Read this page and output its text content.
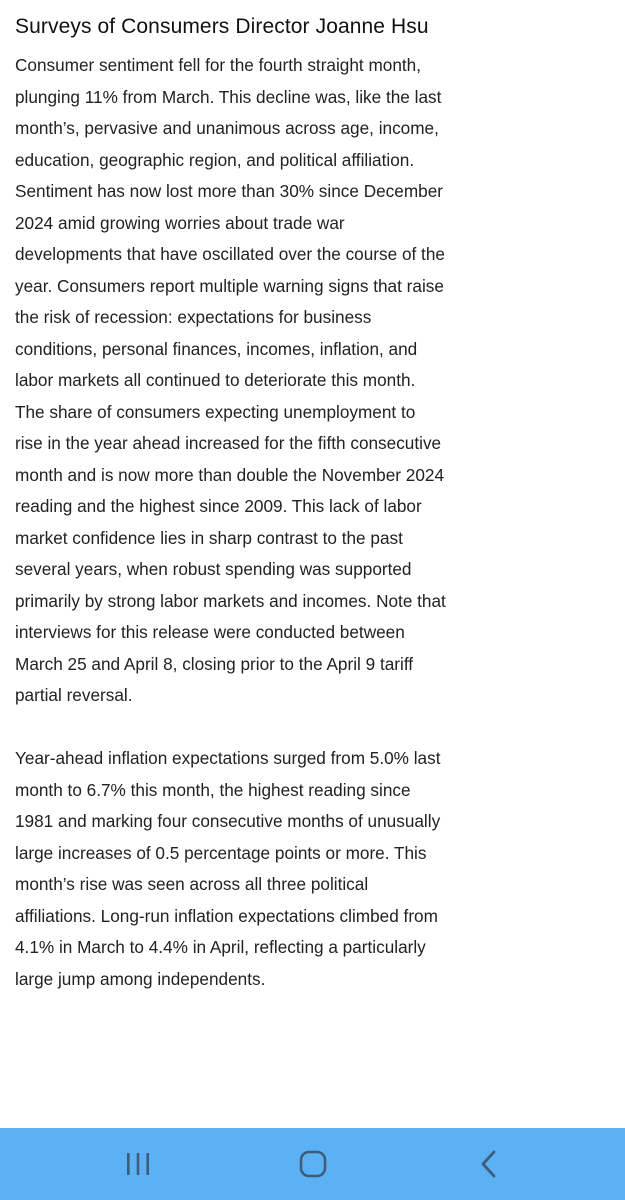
Surveys of Consumers Director Joanne Hsu

Consumer sentiment fell for the fourth straight month, plunging 11% from March. This decline was, like the last month’s, pervasive and unanimous across age, income, education, geographic region, and political affiliation. Sentiment has now lost more than 30% since December 2024 amid growing worries about trade war developments that have oscillated over the course of the year. Consumers report multiple warning signs that raise the risk of recession: expectations for business conditions, personal finances, incomes, inflation, and labor markets all continued to deteriorate this month. The share of consumers expecting unemployment to rise in the year ahead increased for the fifth consecutive month and is now more than double the November 2024 reading and the highest since 2009. This lack of labor market confidence lies in sharp contrast to the past several years, when robust spending was supported primarily by strong labor markets and incomes. Note that interviews for this release were conducted between March 25 and April 8, closing prior to the April 9 tariff partial reversal.

Year-ahead inflation expectations surged from 5.0% last month to 6.7% this month, the highest reading since 1981 and marking four consecutive months of unusually large increases of 0.5 percentage points or more. This month’s rise was seen across all three political affiliations. Long-run inflation expectations climbed from 4.1% in March to 4.4% in April, reflecting a particularly large jump among independents.
